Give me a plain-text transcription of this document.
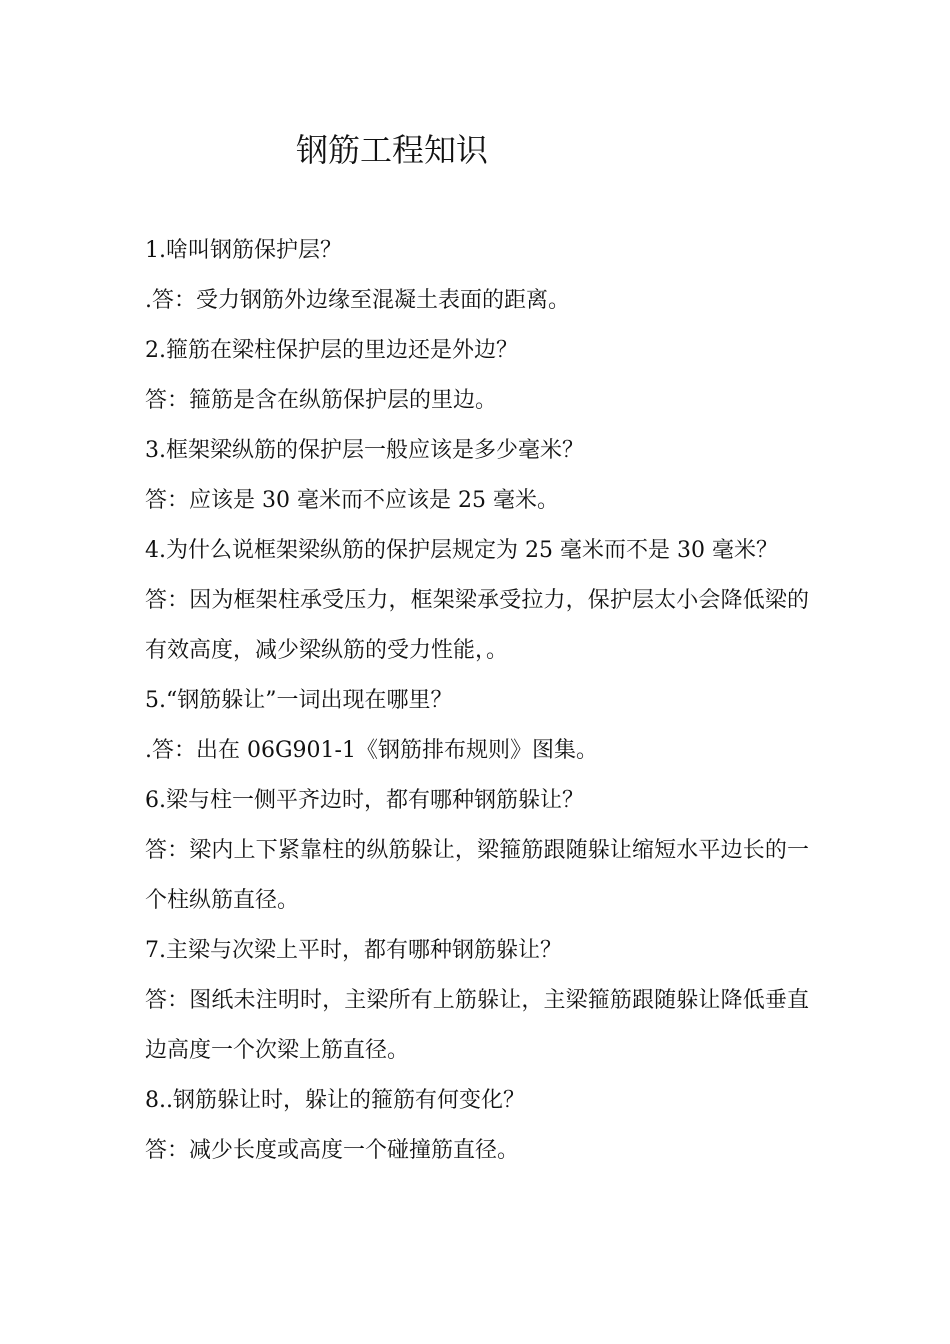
钢筋工程知识

1.啥叫钢筋保护层？

.答：受力钢筋外边缘至混凝土表面的距离。

2.箍筋在梁柱保护层的里边还是外边？

答：箍筋是含在纵筋保护层的里边。

3.框架梁纵筋的保护层一般应该是多少毫米？

答：应该是 30 毫米而不应该是 25 毫米。

4.为什么说框架梁纵筋的保护层规定为 25 毫米而不是 30 毫米？

答：因为框架柱承受压力，框架梁承受拉力，保护层太小会降低梁的有效高度，减少梁纵筋的受力性能，。

5.“钢筋躲让”一词出现在哪里？

.答：出在 06G901-1《钢筋排布规则》图集。

6.梁与柱一侧平齐边时，都有哪种钢筋躲让？

答：梁内上下紧靠柱的纵筋躲让，梁箍筋跟随躲让缩短水平边长的一个柱纵筋直径。

7.主梁与次梁上平时，都有哪种钢筋躲让？

答：图纸未注明时，主梁所有上筋躲让，主梁箍筋跟随躲让降低垂直边高度一个次梁上筋直径。

8..钢筋躲让时，躲让的箍筋有何变化？

答：减少长度或高度一个碰撞筋直径。
